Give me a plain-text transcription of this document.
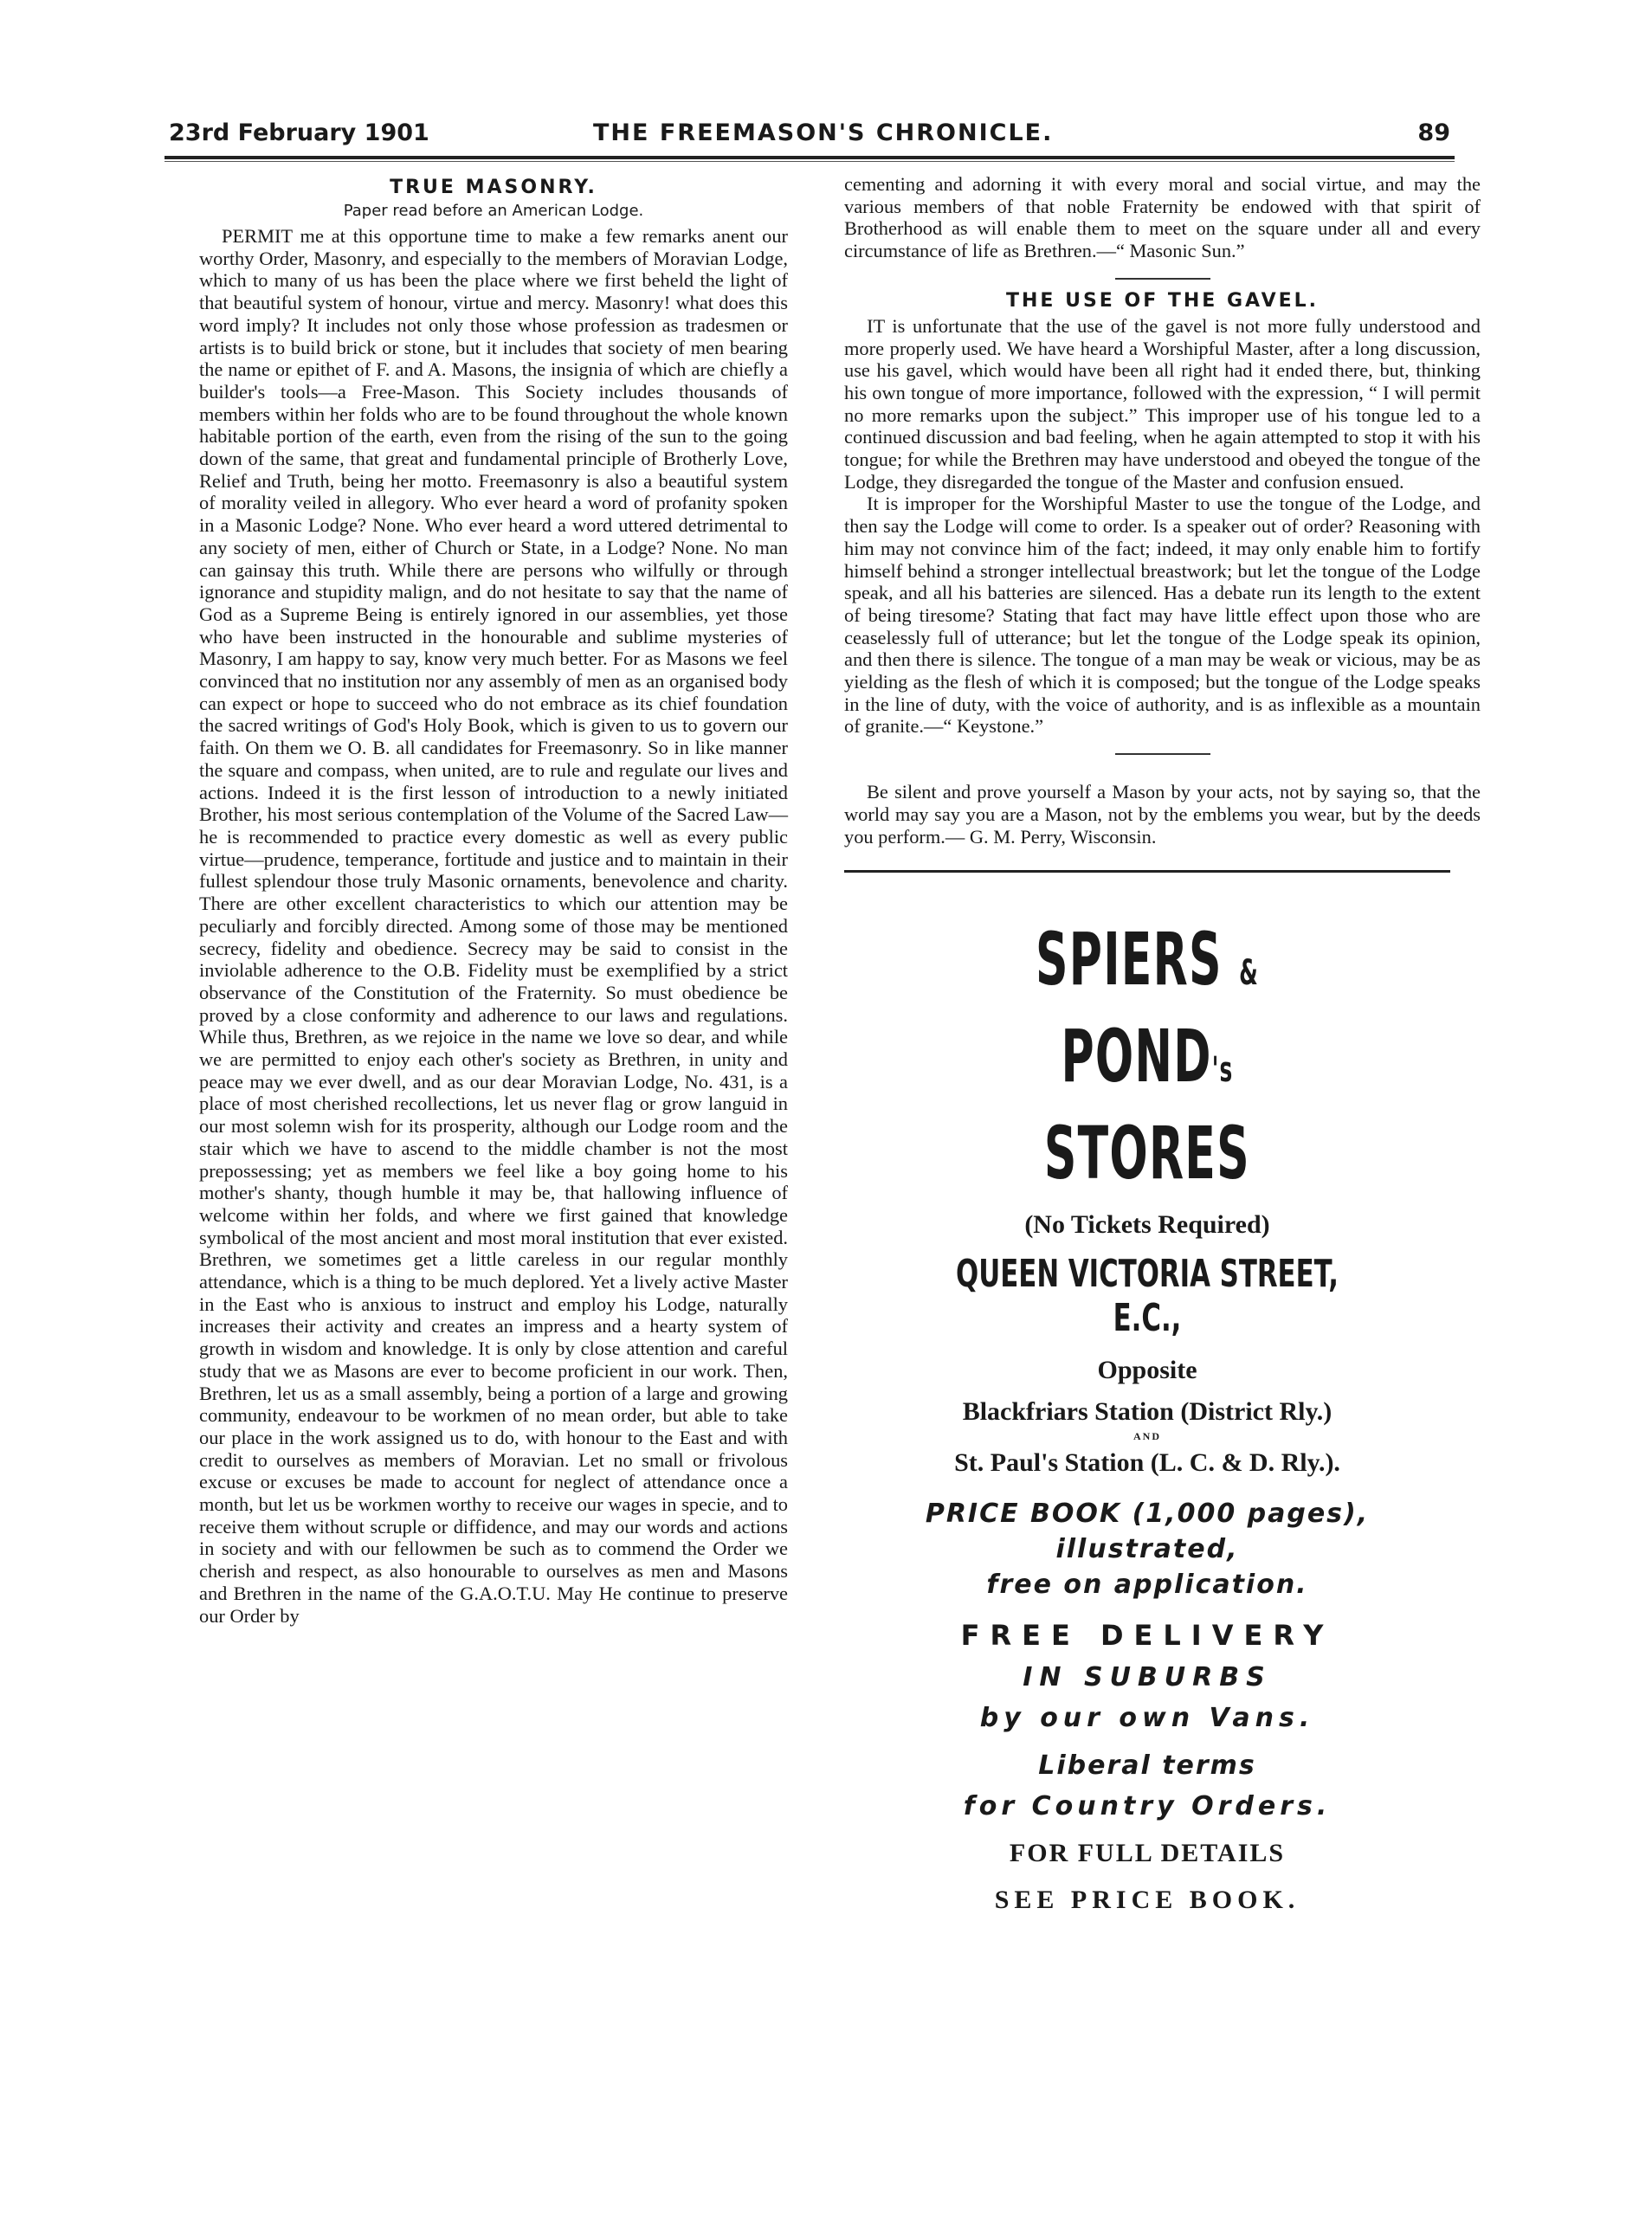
23rd February 1901	THE FREEMASON'S CHRONICLE.	89
TRUE MASONRY.
Paper read before an American Lodge.

PERMIT me at this opportune time to make a few remarks anent our worthy Order, Masonry, and especially to the members of Moravian Lodge, which to many of us has been the place where we first beheld the light of that beautiful system of honour, virtue and mercy. Masonry! what does this word imply? It includes not only those whose profession as tradesmen or artists is to build brick or stone, but it includes that society of men bearing the name or epithet of F. and A. Masons, the insignia of which are chiefly a builder's tools—a Free-Mason. This Society includes thousands of members within her folds who are to be found throughout the whole known habitable portion of the earth, even from the rising of the sun to the going down of the same, that great and fundamental principle of Brotherly Love, Relief and Truth, being her motto. Freemasonry is also a beautiful system of morality veiled in allegory. Who ever heard a word of profanity spoken in a Masonic Lodge? None. Who ever heard a word uttered detrimental to any society of men, either of Church or State, in a Lodge? None. No man can gainsay this truth. While there are persons who wilfully or through ignorance and stupidity malign, and do not hesitate to say that the name of God as a Supreme Being is entirely ignored in our assemblies, yet those who have been instructed in the honourable and sublime mysteries of Masonry, I am happy to say, know very much better. For as Masons we feel convinced that no institution nor any assembly of men as an organised body can expect or hope to succeed who do not embrace as its chief foundation the sacred writings of God's Holy Book, which is given to us to govern our faith. On them we O. B. all candidates for Freemasonry. So in like manner the square and compass, when united, are to rule and regulate our lives and actions. Indeed it is the first lesson of introduction to a newly initiated Brother, his most serious contemplation of the Volume of the Sacred Law—he is recommended to practice every domestic as well as every public virtue—prudence, temperance, fortitude and justice and to maintain in their fullest splendour those truly Masonic ornaments, benevolence and charity. There are other excellent characteristics to which our attention may be peculiarly and forcibly directed. Among some of those may be mentioned secrecy, fidelity and obedience. Secrecy may be said to consist in the inviolable adherence to the O.B. Fidelity must be exemplified by a strict observance of the Constitution of the Fraternity. So must obedience be proved by a close conformity and adherence to our laws and regulations. While thus, Brethren, as we rejoice in the name we love so dear, and while we are permitted to enjoy each other's society as Brethren, in unity and peace may we ever dwell, and as our dear Moravian Lodge, No. 431, is a place of most cherished recollections, let us never flag or grow languid in our most solemn wish for its prosperity, although our Lodge room and the stair which we have to ascend to the middle chamber is not the most prepossessing; yet as members we feel like a boy going home to his mother's shanty, though humble it may be, that hallowing influence of welcome within her folds, and where we first gained that knowledge symbolical of the most ancient and most moral institution that ever existed. Brethren, we sometimes get a little careless in our regular monthly attendance, which is a thing to be much deplored. Yet a lively active Master in the East who is anxious to instruct and employ his Lodge, naturally increases their activity and creates an impress and a hearty system of growth in wisdom and knowledge. It is only by close attention and careful study that we as Masons are ever to become proficient in our work. Then, Brethren, let us as a small assembly, being a portion of a large and growing community, endeavour to be workmen of no mean order, but able to take our place in the work assigned us to do, with honour to the East and with credit to ourselves as members of Moravian. Let no small or frivolous excuse or excuses be made to account for neglect of attendance once a month, but let us be workmen worthy to receive our wages in specie, and to receive them without scruple or diffidence, and may our words and actions in society and with our fellowmen be such as to commend the Order we cherish and respect, as also honourable to ourselves as men and Masons and Brethren in the name of the G.A.O.T.U. May He continue to preserve our Order by

cementing and adorning it with every moral and social virtue, and may the various members of that noble Fraternity be endowed with that spirit of Brotherhood as will enable them to meet on the square under all and every circumstance of life as Brethren.—“ Masonic Sun.”

THE USE OF THE GAVEL.

IT is unfortunate that the use of the gavel is not more fully understood and more properly used. We have heard a Worshipful Master, after a long discussion, use his gavel, which would have been all right had it ended there, but, thinking his own tongue of more importance, followed with the expression, “ I will permit no more remarks upon the subject.” This improper use of his tongue led to a continued discussion and bad feeling, when he again attempted to stop it with his tongue; for while the Brethren may have understood and obeyed the tongue of the Lodge, they disregarded the tongue of the Master and confusion ensued.

It is improper for the Worshipful Master to use the tongue of the Lodge, and then say the Lodge will come to order. Is a speaker out of order? Reasoning with him may not convince him of the fact; indeed, it may only enable him to fortify himself behind a stronger intellectual breastwork; but let the tongue of the Lodge speak, and all his batteries are silenced. Has a debate run its length to the extent of being tiresome? Stating that fact may have little effect upon those who are ceaselessly full of utterance; but let the tongue of the Lodge speak its opinion, and then there is silence. The tongue of a man may be weak or vicious, may be as yielding as the flesh of which it is composed; but the tongue of the Lodge speaks in the line of duty, with the voice of authority, and is as inflexible as a mountain of granite.—“ Keystone.”

Be silent and prove yourself a Mason by your acts, not by saying so, that the world may say you are a Mason, not by the emblems you wear, but by the deeds you perform.— G. M. Perry, Wisconsin.

SPIERS & POND's
STORES
(No Tickets Required)
QUEEN VICTORIA STREET, E.C.,
Opposite
Blackfriars Station (District Rly.)
AND
St. Paul's Station (L. C. & D. Rly.).
PRICE BOOK (1,000 pages),
illustrated,
free on application.
FREE DELIVERY
IN SUBURBS
by our own Vans.
Liberal terms
for Country Orders.
FOR FULL DETAILS
SEE PRICE BOOK.
